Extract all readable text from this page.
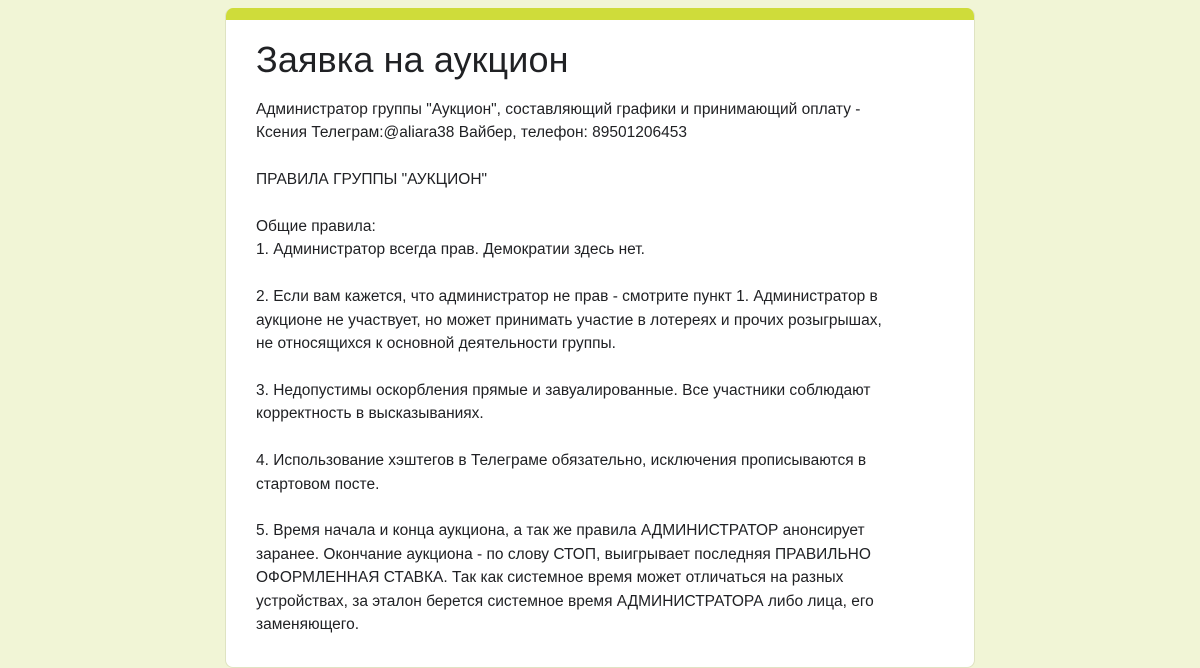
Заявка на аукцион
Администратор группы "Аукцион", составляющий графики и принимающий оплату -
Ксения Телеграм:@aliara38 Вайбер, телефон: 89501206453

ПРАВИЛА ГРУППЫ "АУКЦИОН"

Общие правила:
1. Администратор всегда прав. Демократии здесь нет.

2. Если вам кажется, что администратор не прав - смотрите пункт 1. Администратор в
аукционе не участвует, но может принимать участие в лотереях и прочих розыгрышах,
не относящихся к основной деятельности группы.

3. Недопустимы оскорбления прямые и завуалированные. Все участники соблюдают
корректность в высказываниях.

4. Использование хэштегов в Телеграме обязательно, исключения прописываются в
стартовом посте.

5. Время начала и конца аукциона, а так же правила АДМИНИСТРАТОР анонсирует
заранее. Окончание аукциона - по слову СТОП, выигрывает последняя ПРАВИЛЬНО
ОФОРМЛЕННАЯ СТАВКА. Так как системное время может отличаться на разных
устройствах, за эталон берется системное время АДМИНИСТРАТОРА либо лица, его
заменяющего.
